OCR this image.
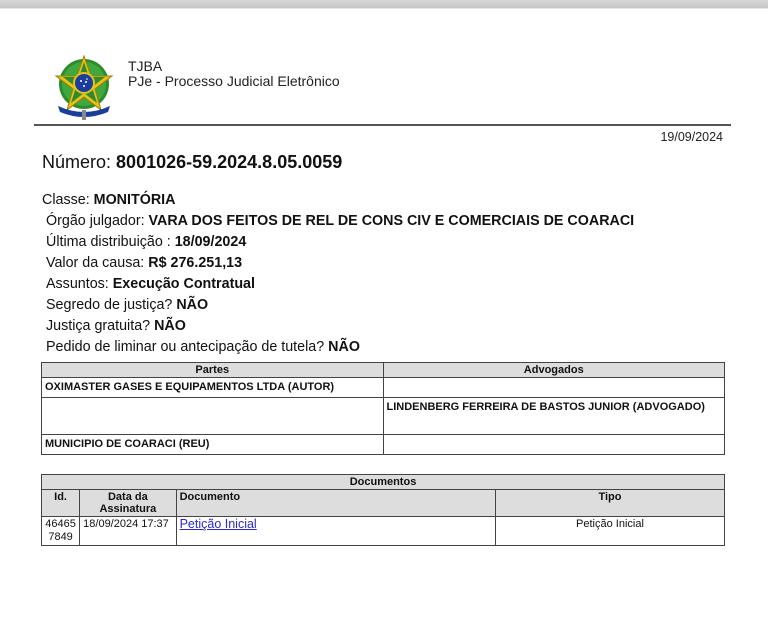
TJBA
PJe - Processo Judicial Eletrônico
19/09/2024
Número: 8001026-59.2024.8.05.0059
Classe: MONITÓRIA
Órgão julgador: VARA DOS FEITOS DE REL DE CONS CIV E COMERCIAIS DE COARACI
Última distribuição : 18/09/2024
Valor da causa: R$ 276.251,13
Assuntos: Execução Contratual
Segredo de justiça? NÃO
Justiça gratuita? NÃO
Pedido de liminar ou antecipação de tutela? NÃO
Partes	Advogados
OXIMASTER GASES E EQUIPAMENTOS LTDA (AUTOR)	
	LINDENBERG FERREIRA DE BASTOS JUNIOR (ADVOGADO)
MUNICIPIO DE COARACI (REU)	
Documentos			
Id.	Data da Assinatura	Documento	Tipo
464657849	18/09/2024 17:37	Petição Inicial	Petição Inicial
